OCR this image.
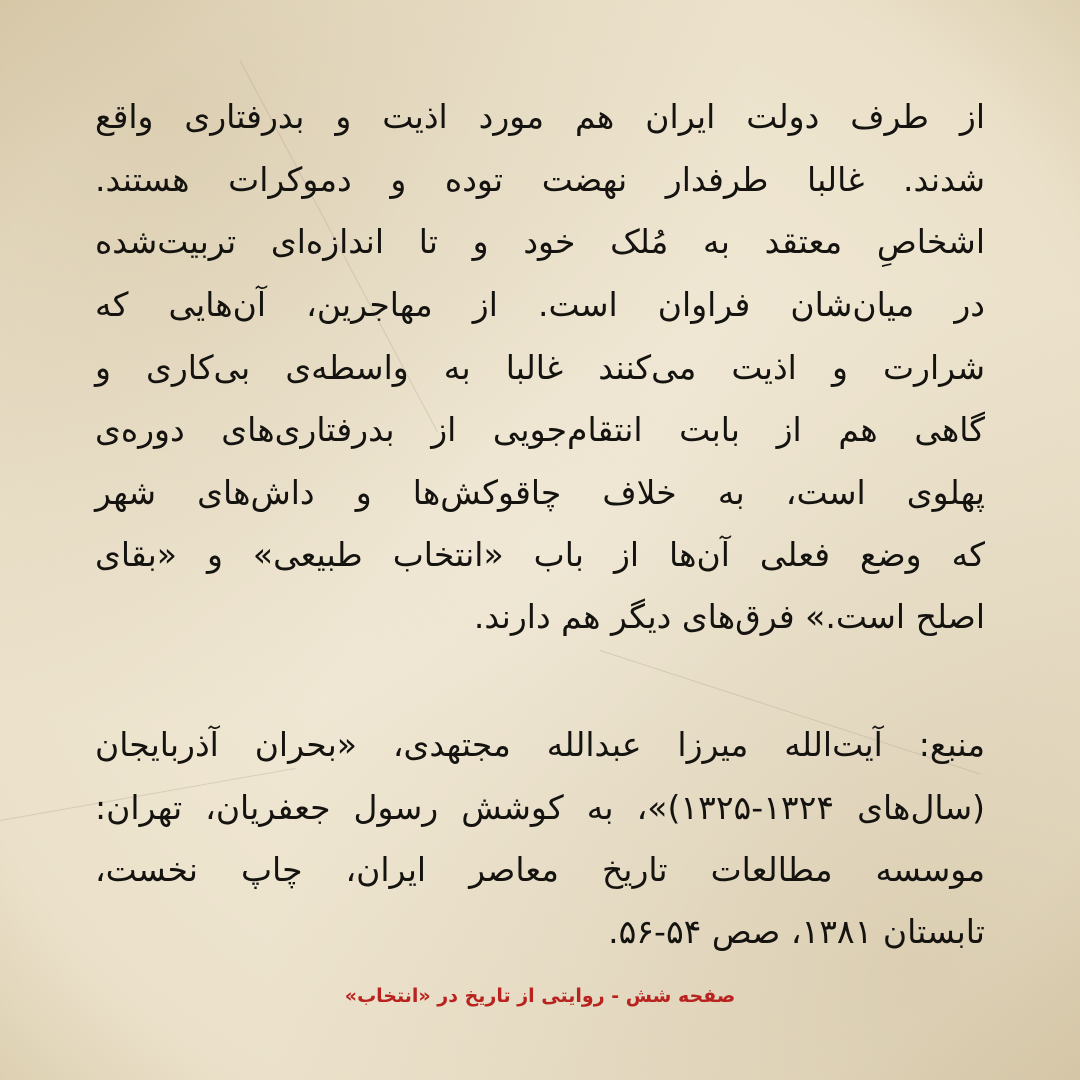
از طرف دولت ایران هم مورد اذیت و بدرفتاری واقع
شدند. غالبا طرفدار نهضت توده و دموکرات هستند.
اشخاصِ معتقد به مُلک خود و تا اندازه‌ای تربیت‌شده
در میان‌شان فراوان است. از مهاجرین، آن‌هایی که
شرارت و اذیت می‌کنند غالبا به واسطه‌ی بی‌کاری و
گاهی هم از بابت انتقام‌جویی از بدرفتاری‌های دوره‌ی
پهلوی است، به خلاف چاقوکش‌ها و داش‌های شهر
که وضع فعلی آن‌ها از باب «انتخاب طبیعی» و «بقای
اصلح است.» فرق‌های دیگر هم دارند.
منبع: آیت‌الله میرزا عبدالله مجتهدی، «بحران آذربایجان
(سال‌های ۱۳۲۴-۱۳۲۵)»، به کوشش رسول جعفریان، تهران:
موسسه مطالعات تاریخ معاصر ایران، چاپ نخست،
تابستان ۱۳۸۱، صص ۵۴-۵۶.
صفحه شش - روایتی از تاریخ در «انتخاب»
